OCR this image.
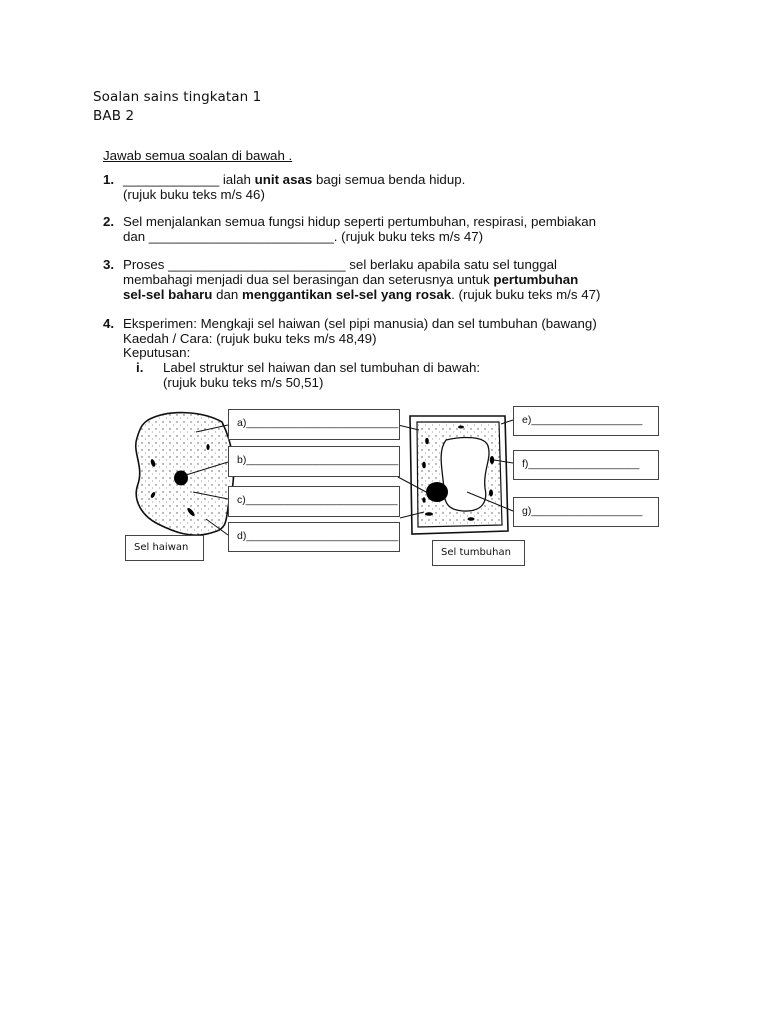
Soalan sains tingkatan 1
BAB 2
Jawab semua soalan di bawah .
1. _____________ ialah unit asas bagi semua benda hidup.
(rujuk buku teks m/s 46)
2. Sel menjalankan semua fungsi hidup seperti pertumbuhan, respirasi, pembiakan
dan _________________________. (rujuk buku teks m/s 47)
3. Proses ________________________ sel berlaku apabila satu sel tunggal
membahagi menjadi dua sel berasingan dan seterusnya untuk pertumbuhan
sel-sel baharu dan menggantikan sel-sel yang rosak. (rujuk buku teks m/s 47)
4. Eksperimen: Mengkaji sel haiwan (sel pipi manusia) dan sel tumbuhan (bawang)
Kaedah / Cara: (rujuk buku teks m/s 48,49)
Keputusan:
i. Label struktur sel haiwan dan sel tumbuhan di bawah:
(rujuk buku teks m/s 50,51)
a)__________________________
b)__________________________
c)__________________________
d)__________________________
e)___________________
f)___________________
g)___________________
Sel haiwan	Sel tumbuhan
